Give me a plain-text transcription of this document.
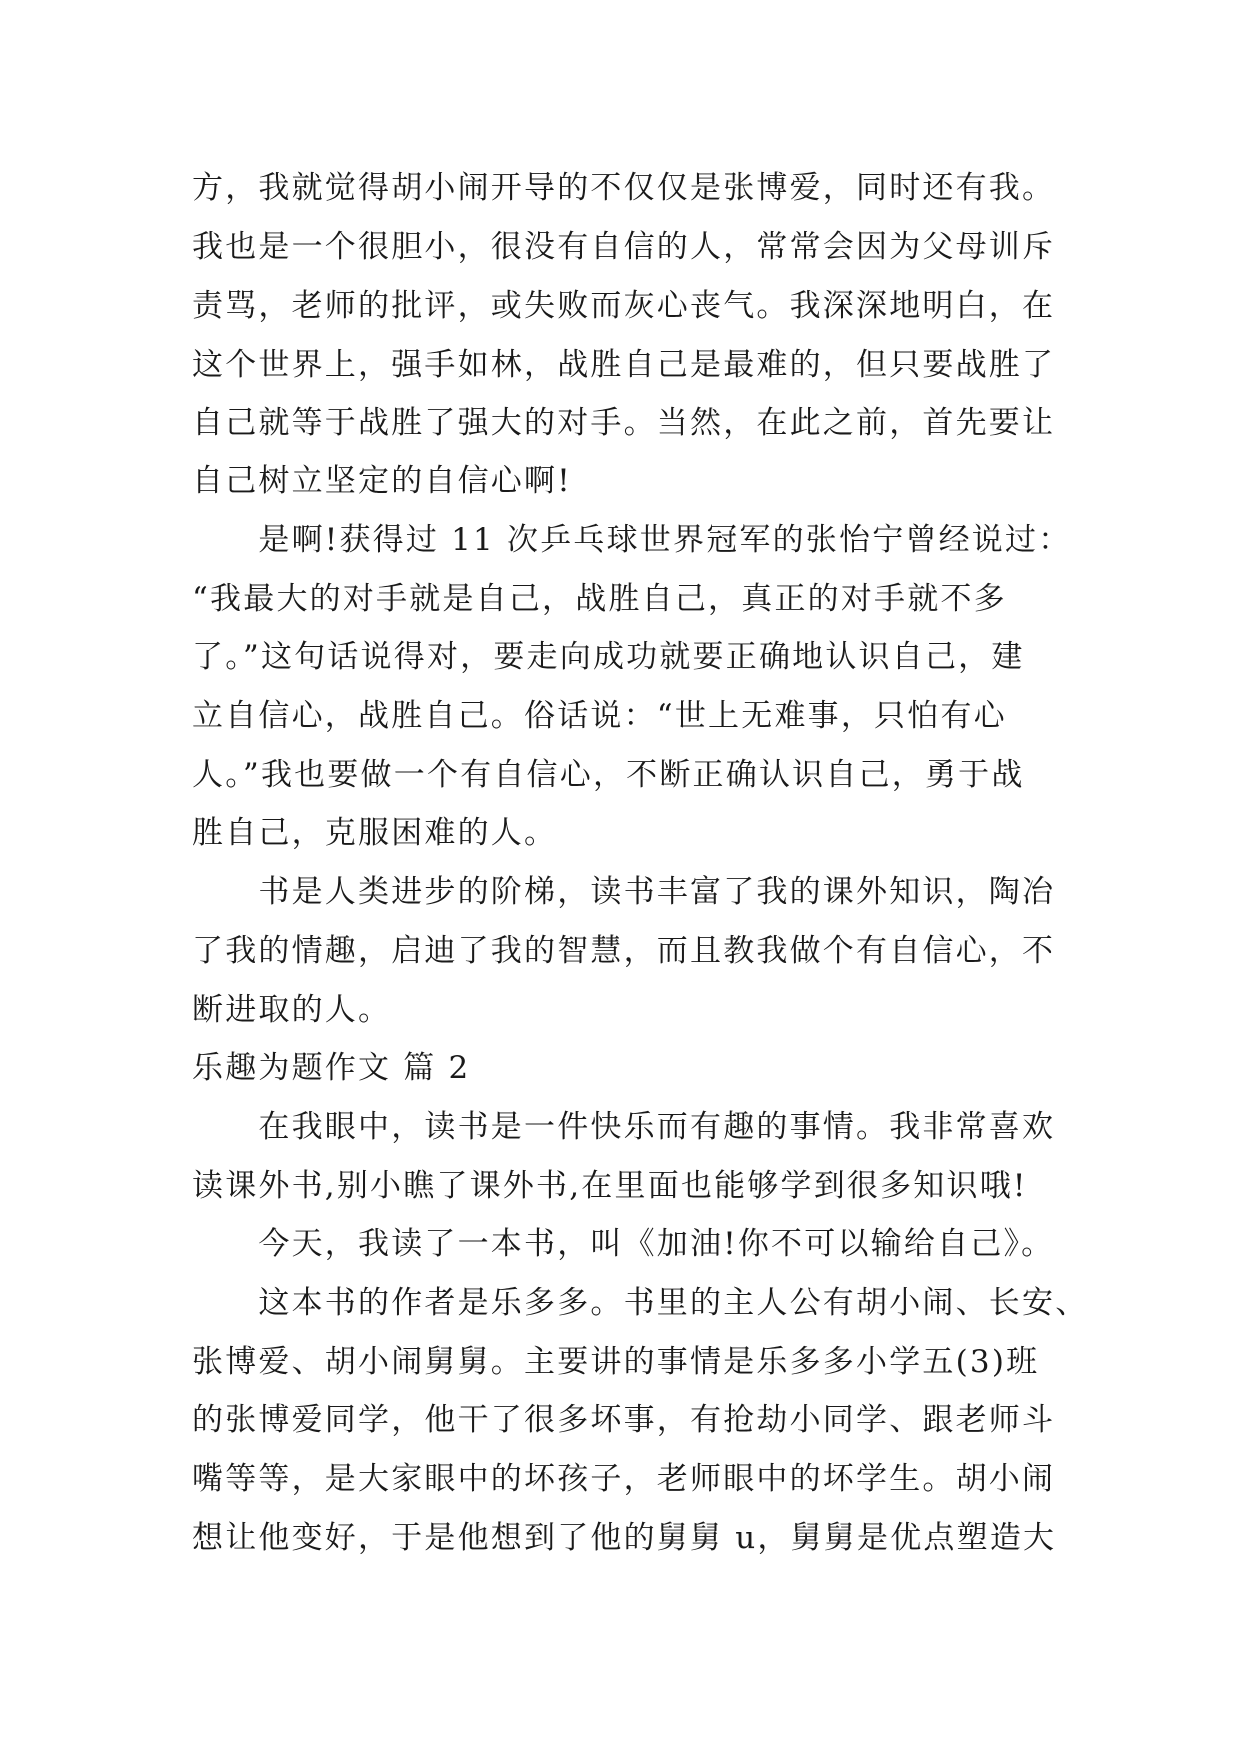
方，我就觉得胡小闹开导的不仅仅是张博爱，同时还有我。
我也是一个很胆小，很没有自信的人，常常会因为父母训斥
责骂，老师的批评，或失败而灰心丧气。我深深地明白，在
这个世界上，强手如林，战胜自己是最难的，但只要战胜了
自己就等于战胜了强大的对手。当然，在此之前，首先要让
自己树立坚定的自信心啊!
　　是啊!获得过 11 次乒乓球世界冠军的张怡宁曾经说过：
“我最大的对手就是自己，战胜自己，真正的对手就不多
了。”这句话说得对，要走向成功就要正确地认识自己，建
立自信心，战胜自己。俗话说：“世上无难事，只怕有心
人。”我也要做一个有自信心，不断正确认识自己，勇于战
胜自己，克服困难的人。
　　书是人类进步的阶梯，读书丰富了我的课外知识，陶冶
了我的情趣，启迪了我的智慧，而且教我做个有自信心，不
断进取的人。
乐趣为题作文 篇 2
　　在我眼中，读书是一件快乐而有趣的事情。我非常喜欢
读课外书,别小瞧了课外书,在里面也能够学到很多知识哦!
　　今天，我读了一本书，叫《加油!你不可以输给自己》。
　　这本书的作者是乐多多。书里的主人公有胡小闹、长安、
张博爱、胡小闹舅舅。主要讲的事情是乐多多小学五(3)班
的张博爱同学，他干了很多坏事，有抢劫小同学、跟老师斗
嘴等等，是大家眼中的坏孩子，老师眼中的坏学生。胡小闹
想让他变好，于是他想到了他的舅舅 u，舅舅是优点塑造大
